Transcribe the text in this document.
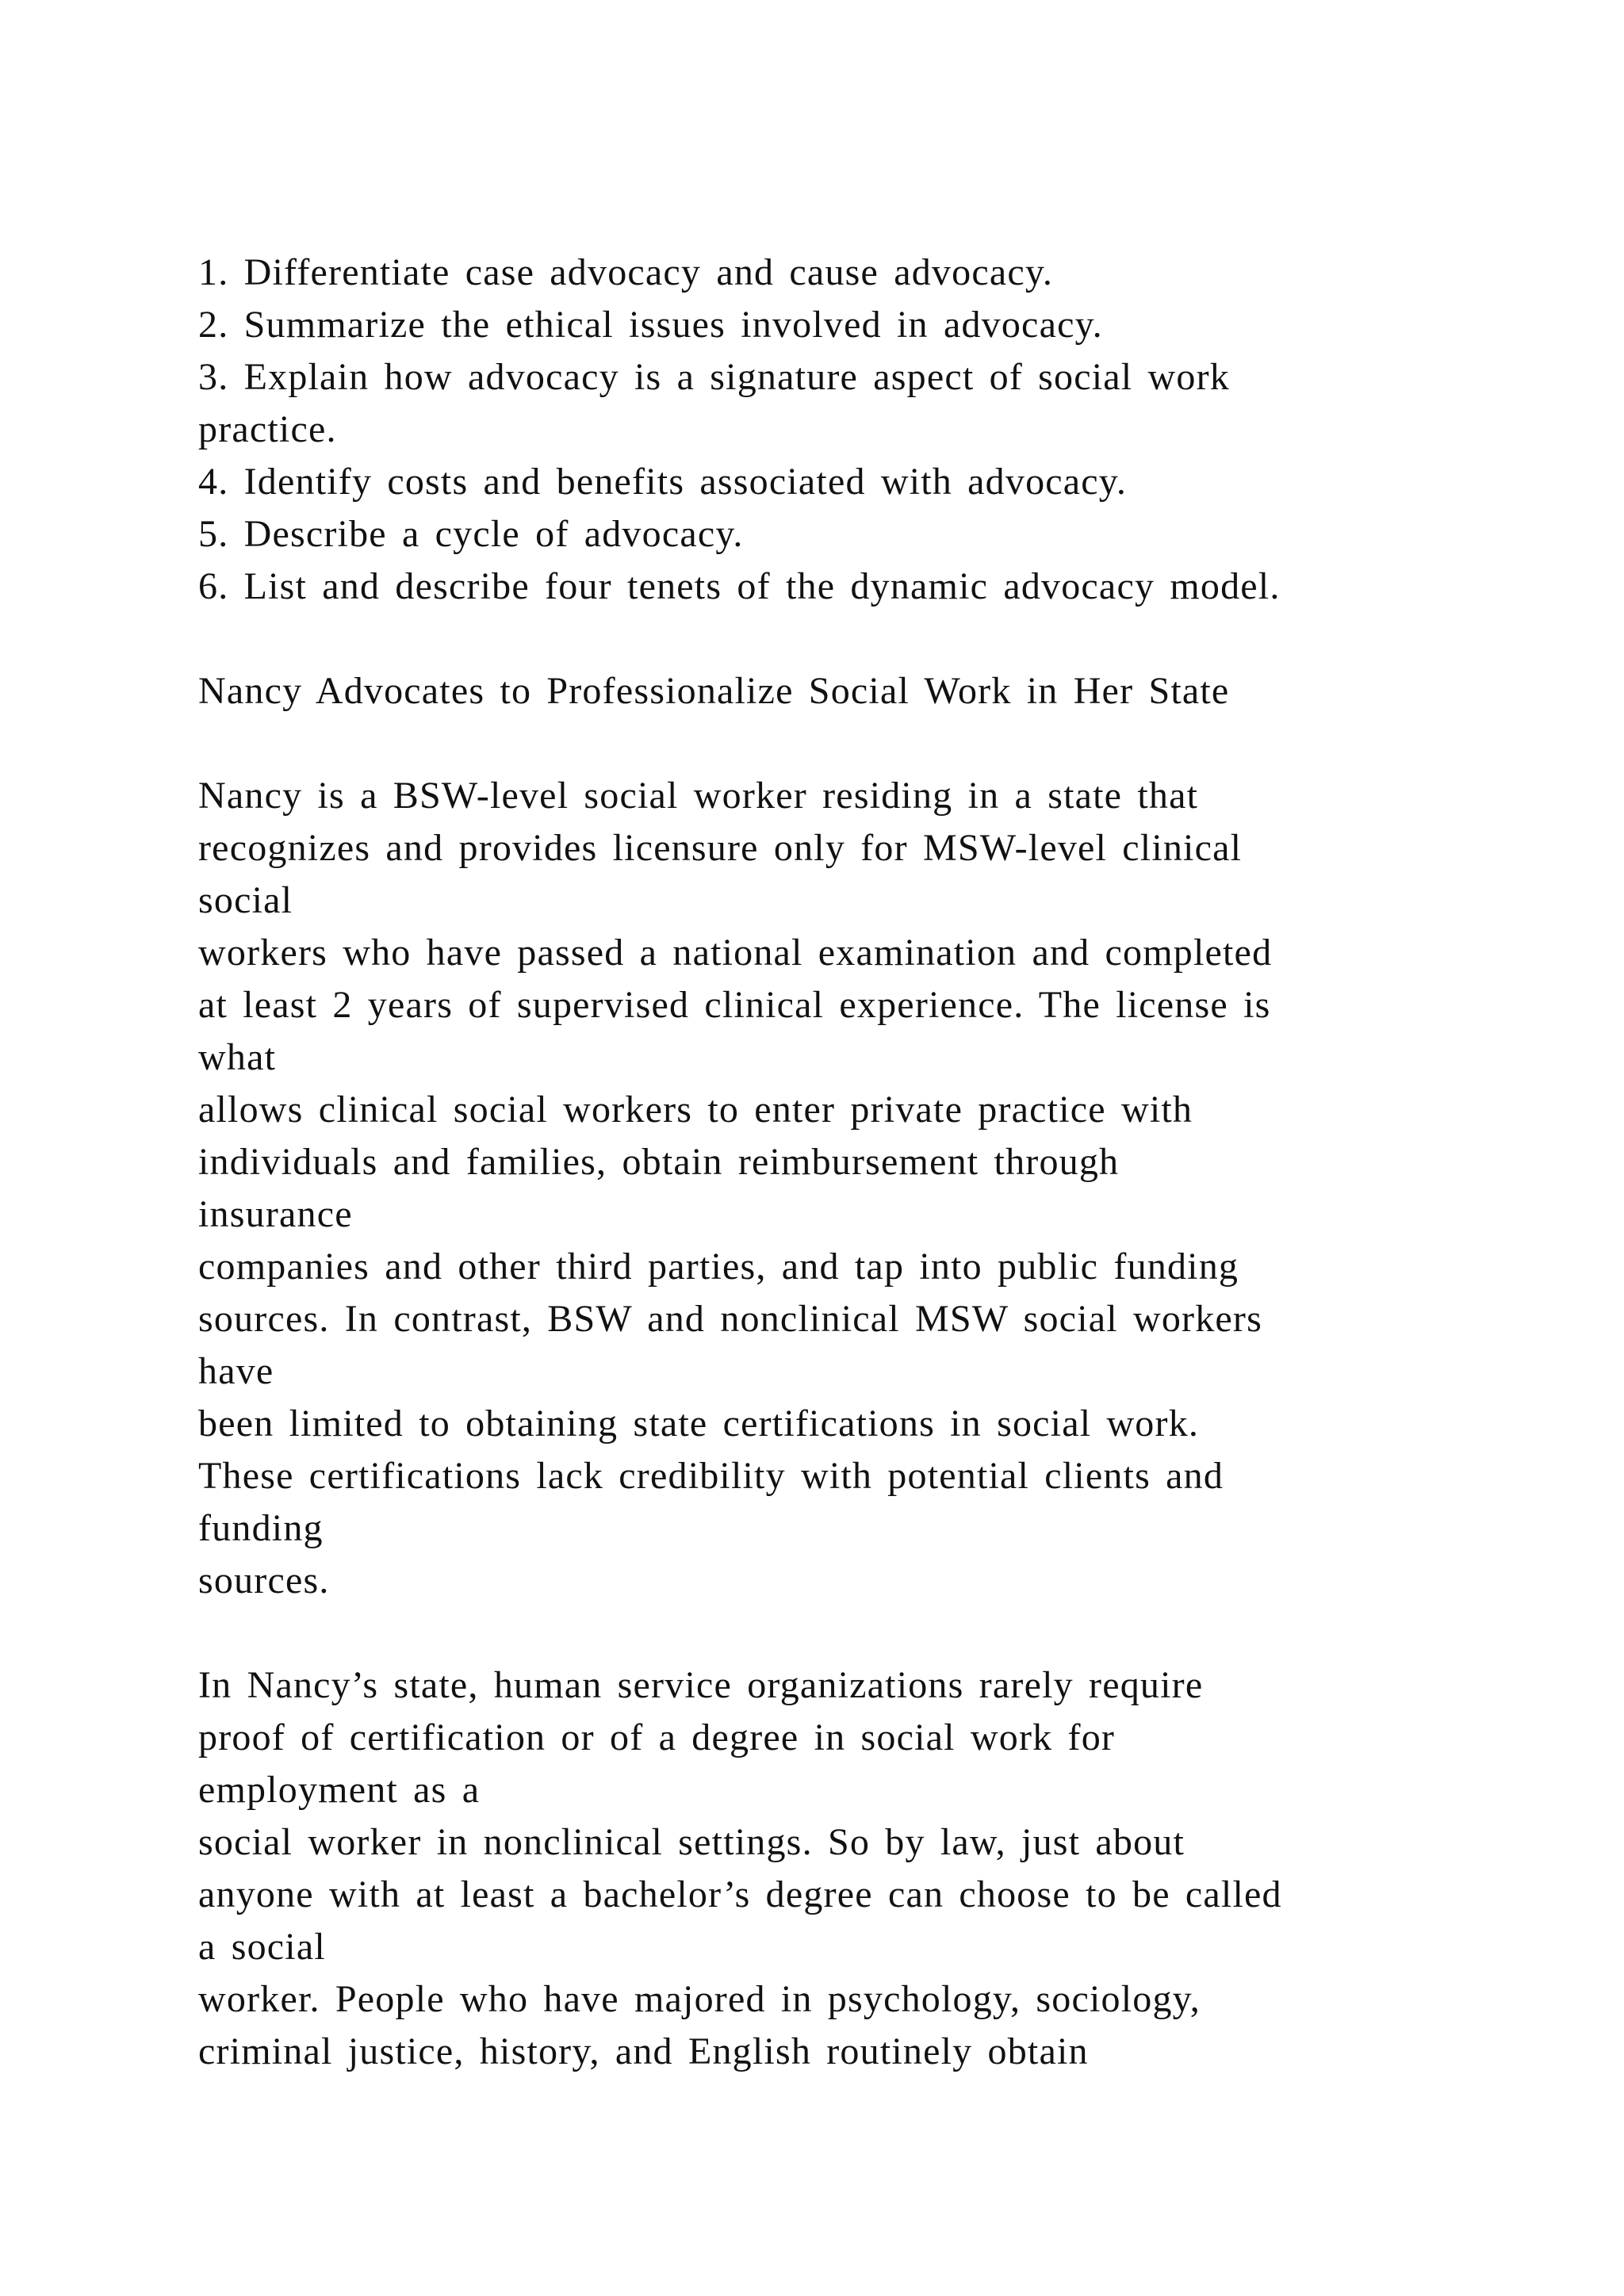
1. Differentiate case advocacy and cause advocacy.
2. Summarize the ethical issues involved in advocacy.
3. Explain how advocacy is a signature aspect of social work
practice.
4. Identify costs and benefits associated with advocacy.
5. Describe a cycle of advocacy.
6. List and describe four tenets of the dynamic advocacy model.
Nancy Advocates to Professionalize Social Work in Her State
Nancy is a BSW-level social worker residing in a state that
recognizes and provides licensure only for MSW-level clinical
social
workers who have passed a national examination and completed
at least 2 years of supervised clinical experience. The license is
what
allows clinical social workers to enter private practice with
individuals and families, obtain reimbursement through
insurance
companies and other third parties, and tap into public funding
sources. In contrast, BSW and nonclinical MSW social workers
have
been limited to obtaining state certifications in social work.
These certifications lack credibility with potential clients and
funding
sources.
In Nancy’s state, human service organizations rarely require
proof of certification or of a degree in social work for
employment as a
social worker in nonclinical settings. So by law, just about
anyone with at least a bachelor’s degree can choose to be called
a social
worker. People who have majored in psychology, sociology,
criminal justice, history, and English routinely obtain
